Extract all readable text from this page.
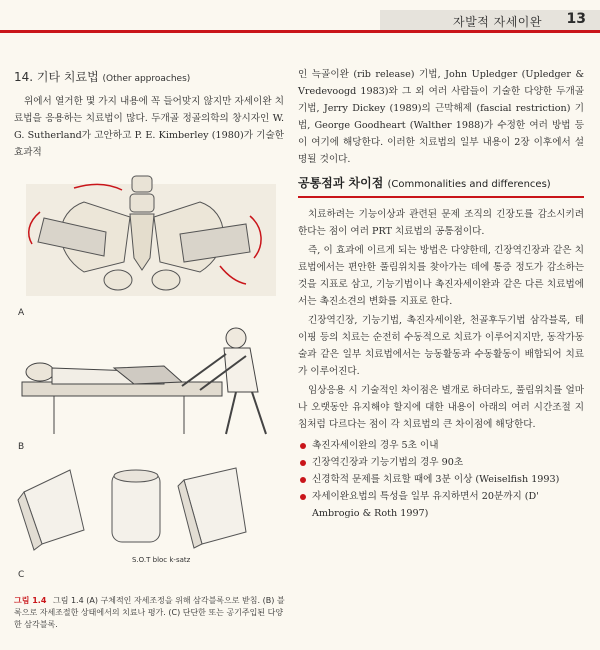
자발적 자세이완 13
14. 기타 치료법 (Other approaches)

위에서 열거한 몇 가지 내용에 꼭 들어맞지 않지만 자세이완 치료법을 응용하는 치료법이 많다. 두개골 정골의학의 창시자인 W. G. Sutherland가 고안하고 P. E. Kimberley (1980)가 기술한 효과적

A
B
C
S.O.T bloc k-satz
그림 1.4 그림 1.4 (A) 구체적인 자세조정을 위해 삼각블록으로 받침. (B) 블록으로 자세조절한 상태에서의 치료나 평가. (C) 단단한 또는 공기주입된 다양한 삼각블록.

인 늑골이완 (rib release) 기법, John Upledger (Upledger & Vredevoogd 1983)와 그 외 여러 사람들이 기술한 다양한 두개골 기법, Jerry Dickey (1989)의 근막해제 (fascial restriction) 기법, George Goodheart (Walther 1988)가 수정한 여러 방법 등이 여기에 해당한다. 이러한 치료법의 일부 내용이 2장 이후에서 설명될 것이다.

공통점과 차이점 (Commonalities and differences)

치료하려는 기능이상과 관련된 문제 조직의 긴장도를 감소시키려 한다는 점이 여러 PRT 치료법의 공통점이다.

즉, 이 효과에 이르게 되는 방법은 다양한데, 긴장역긴장과 같은 치료법에서는 편안한 풀림위치를 찾아가는 데에 통증 정도가 감소하는 것을 지표로 삼고, 기능기법이나 촉진자세이완과 같은 다른 치료법에서는 촉진소견의 변화를 지표로 한다.

긴장역긴장, 기능기법, 촉진자세이완, 천골후두기법 삼각블록, 테이핑 등의 치료는 순전히 수동적으로 치료가 이루어지지만, 동작가동술과 같은 일부 치료법에서는 능동활동과 수동활동이 배합되어 치료가 이루어진다.

임상응용 시 기술적인 차이점은 별개로 하더라도, 풀림위치를 얼마나 오랫동안 유지해야 할지에 대한 내용이 아래의 여러 시간조절 지침처럼 다르다는 점이 각 치료법의 큰 차이점에 해당한다.

촉진자세이완의 경우 5초 이내
긴장역긴장과 기능기법의 경우 90초
신경학적 문제를 치료할 때에 3분 이상 (Weiselfish 1993)
자세이완요법의 특성을 일부 유지하면서 20분까지 (D' Ambrogio & Roth 1997)
